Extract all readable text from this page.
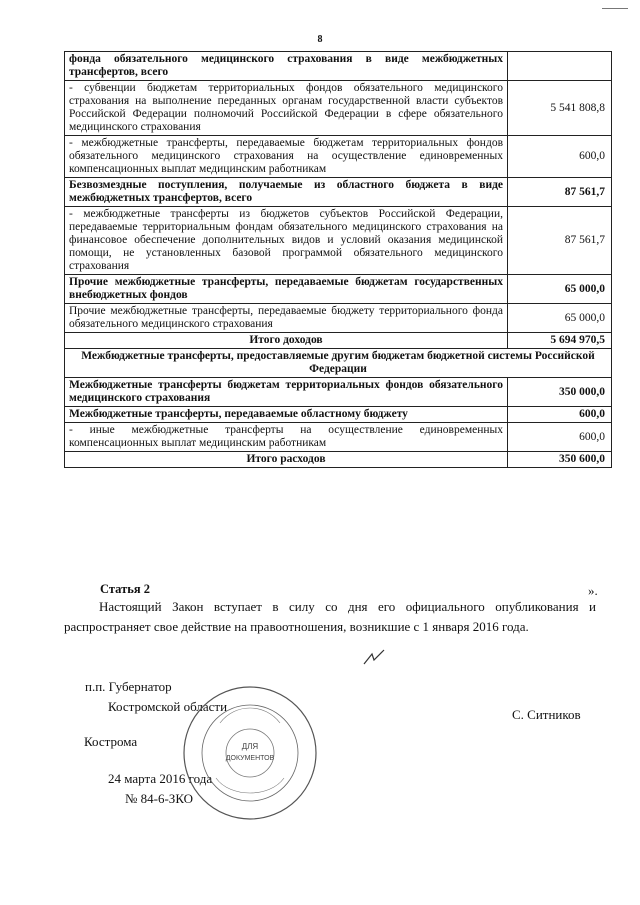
8
фонда обязательного медицинского страхования в виде межбюджетных трансфертов, всего	
- субвенции бюджетам территориальных фондов обязательного медицинского страхования на выполнение переданных органам государственной власти субъектов Российской Федерации полномочий Российской Федерации в сфере обязательного медицинского страхования	5 541 808,8
- межбюджетные трансферты, передаваемые бюджетам территориальных фондов обязательного медицинского страхования на осуществление единовременных компенсационных выплат медицинским работникам	600,0
Безвозмездные поступления, получаемые из областного бюджета в виде межбюджетных трансфертов, всего	87 561,7
- межбюджетные трансферты из бюджетов субъектов Российской Федерации, передаваемые территориальным фондам обязательного медицинского страхования на финансовое обеспечение дополнительных видов и условий оказания медицинской помощи, не установленных базовой программой обязательного медицинского страхования	87 561,7
Прочие межбюджетные трансферты, передаваемые бюджетам государственных внебюджетных фондов	65 000,0
Прочие межбюджетные трансферты, передаваемые бюджету территориального фонда обязательного медицинского страхования	65 000,0
Итого доходов	5 694 970,5
Межбюджетные трансферты, предоставляемые другим бюджетам бюджетной системы Российской Федерации	
Межбюджетные трансферты бюджетам территориальных фондов обязательного медицинского страхования	350 000,0
Межбюджетные трансферты, передаваемые областному бюджету	600,0
- иные межбюджетные трансферты на осуществление единовременных компенсационных выплат медицинским работникам	600,0
Итого расходов	350 600,0
Статья 2	».
Настоящий Закон вступает в силу со дня его официального опубликования и распространяет свое действие на правоотношения, возникшие с 1 января 2016 года.
п.п. Губернатор
Костромской области
С. Ситников
Кострома
24 марта 2016 года
№ 84-6-ЗКО
ДЛЯ
ДОКУМЕНТОВ
